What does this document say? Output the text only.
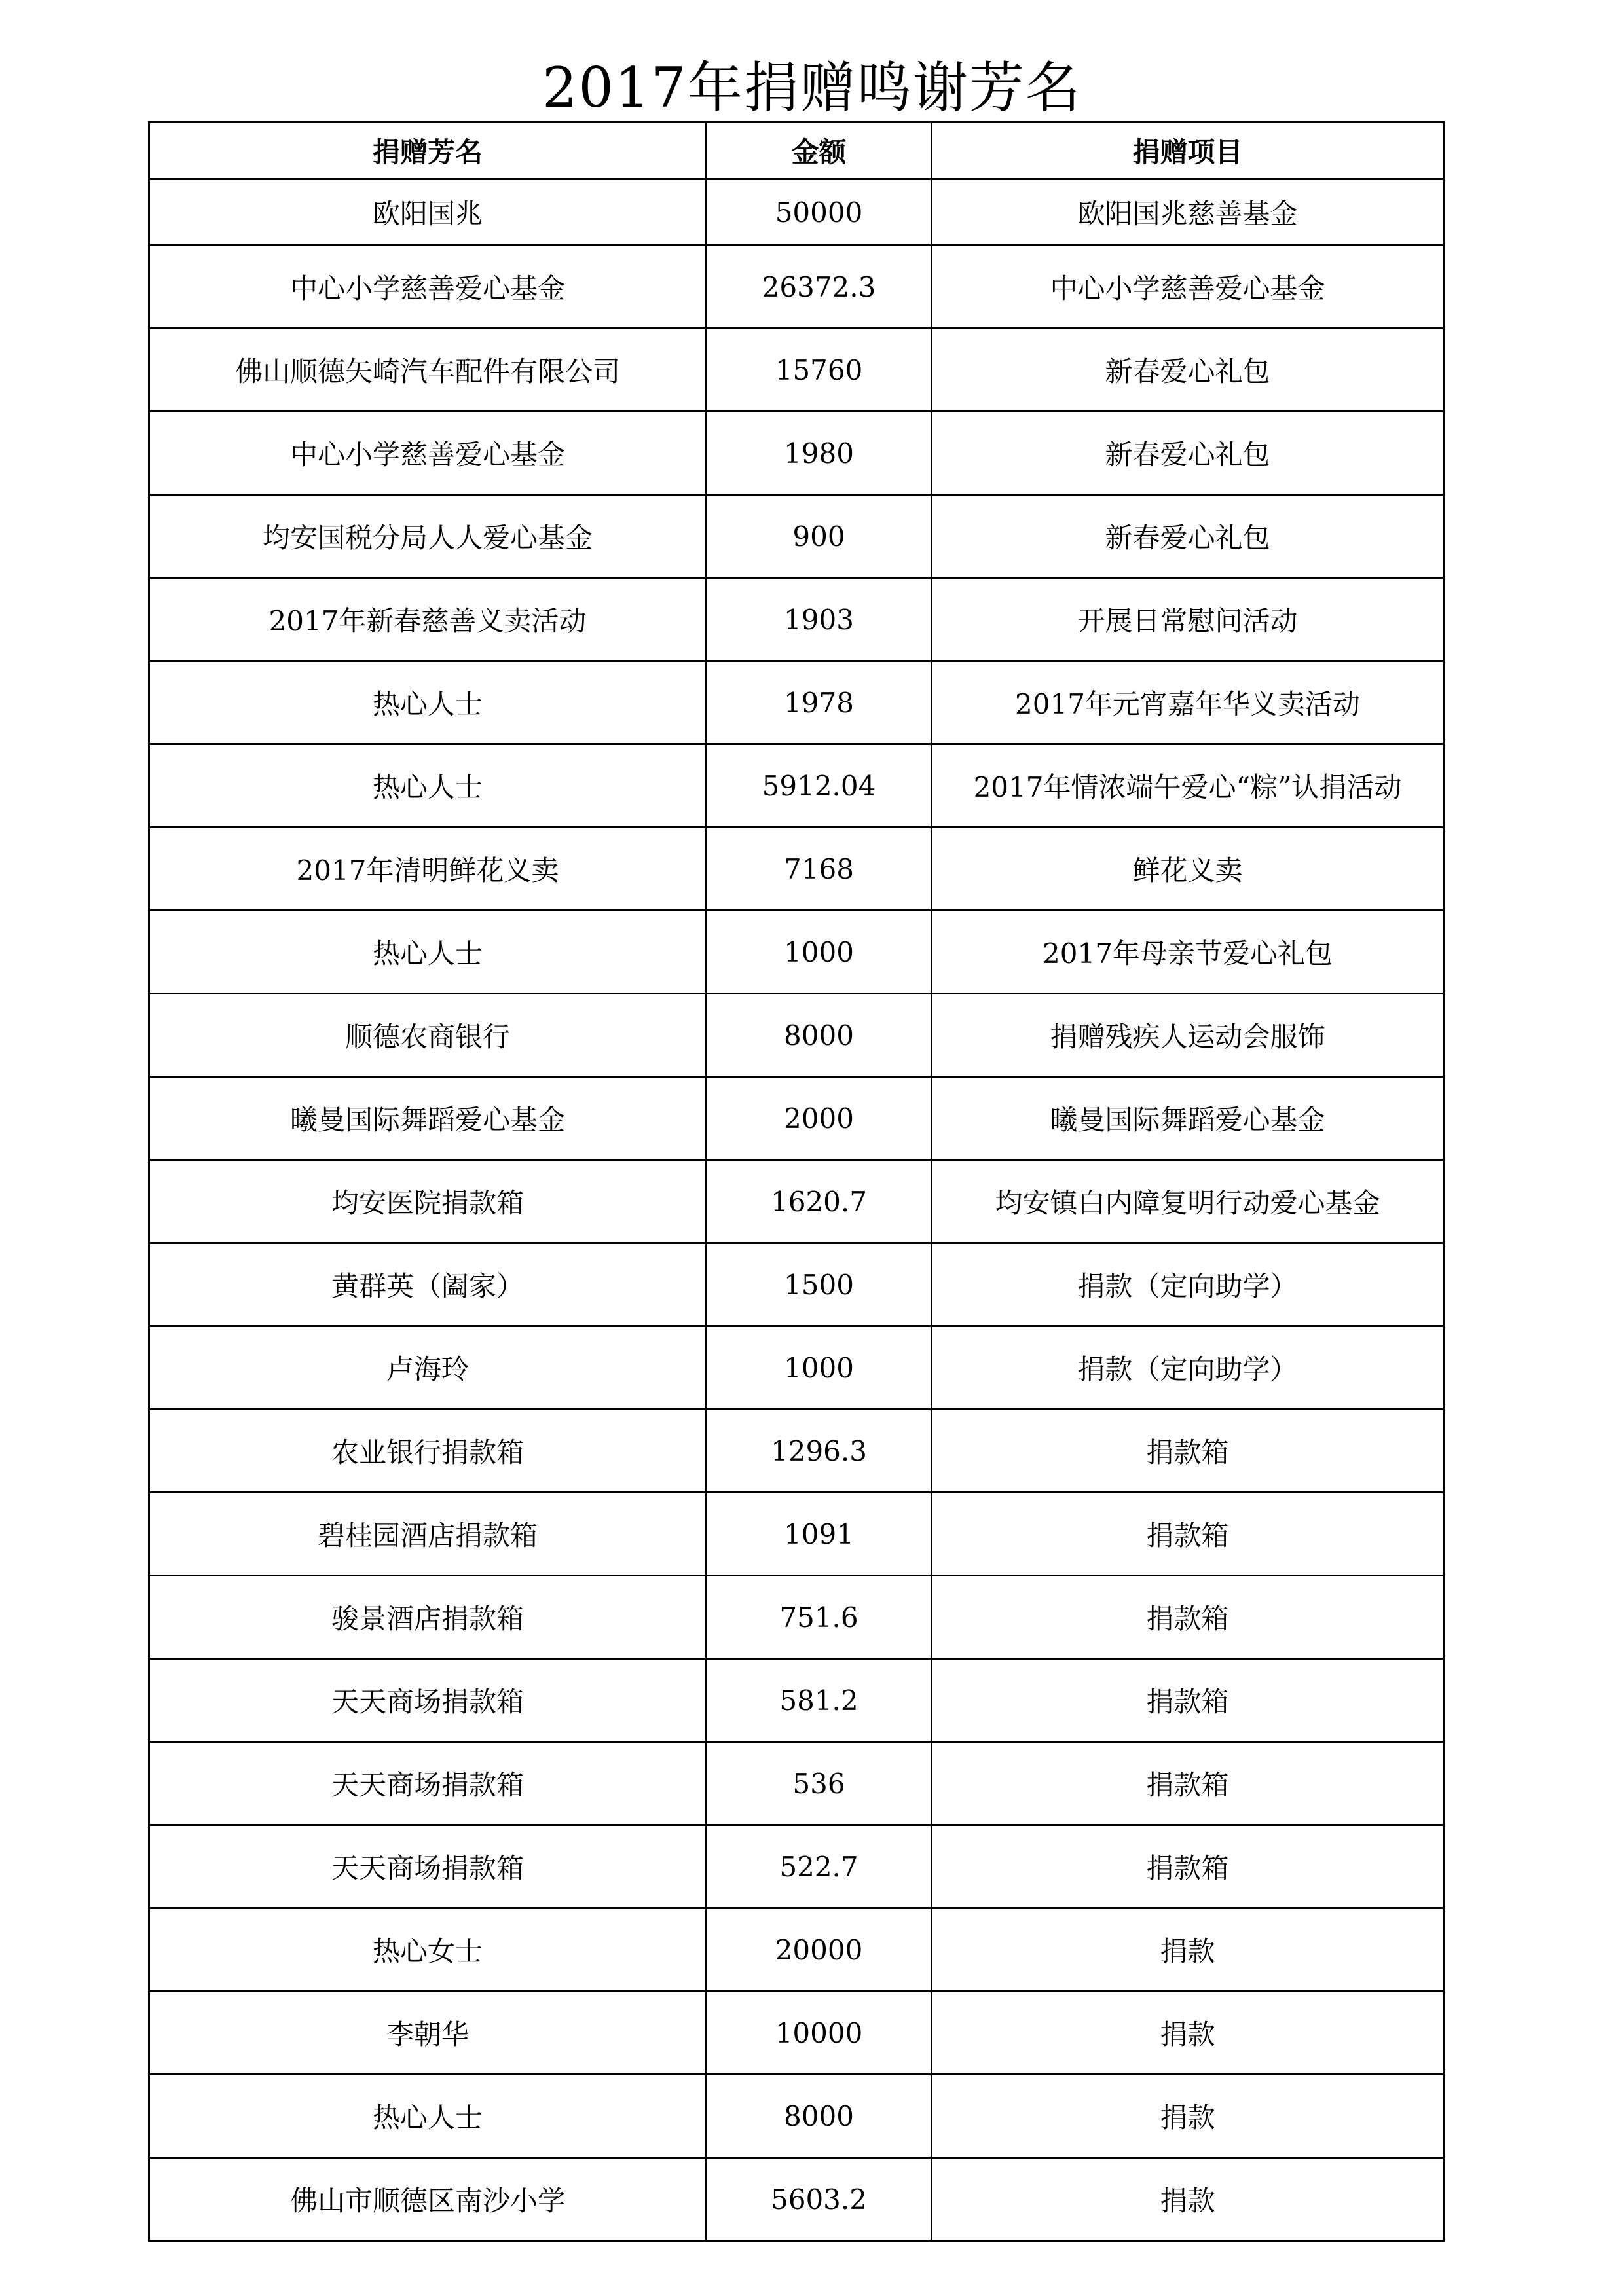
2017年捐赠鸣谢芳名
捐赠芳名	金额	捐赠项目
欧阳国兆	50000	欧阳国兆慈善基金
中心小学慈善爱心基金	26372.3	中心小学慈善爱心基金
佛山顺德矢崎汽车配件有限公司	15760	新春爱心礼包
中心小学慈善爱心基金	1980	新春爱心礼包
均安国税分局人人爱心基金	900	新春爱心礼包
2017年新春慈善义卖活动	1903	开展日常慰问活动
热心人士	1978	2017年元宵嘉年华义卖活动
热心人士	5912.04	2017年情浓端午爱心“粽”认捐活动
2017年清明鲜花义卖	7168	鲜花义卖
热心人士	1000	2017年母亲节爱心礼包
顺德农商银行	8000	捐赠残疾人运动会服饰
曦曼国际舞蹈爱心基金	2000	曦曼国际舞蹈爱心基金
均安医院捐款箱	1620.7	均安镇白内障复明行动爱心基金
黄群英（阖家）	1500	捐款（定向助学）
卢海玲	1000	捐款（定向助学）
农业银行捐款箱	1296.3	捐款箱
碧桂园酒店捐款箱	1091	捐款箱
骏景酒店捐款箱	751.6	捐款箱
天天商场捐款箱	581.2	捐款箱
天天商场捐款箱	536	捐款箱
天天商场捐款箱	522.7	捐款箱
热心女士	20000	捐款
李朝华	10000	捐款
热心人士	8000	捐款
佛山市顺德区南沙小学	5603.2	捐款
